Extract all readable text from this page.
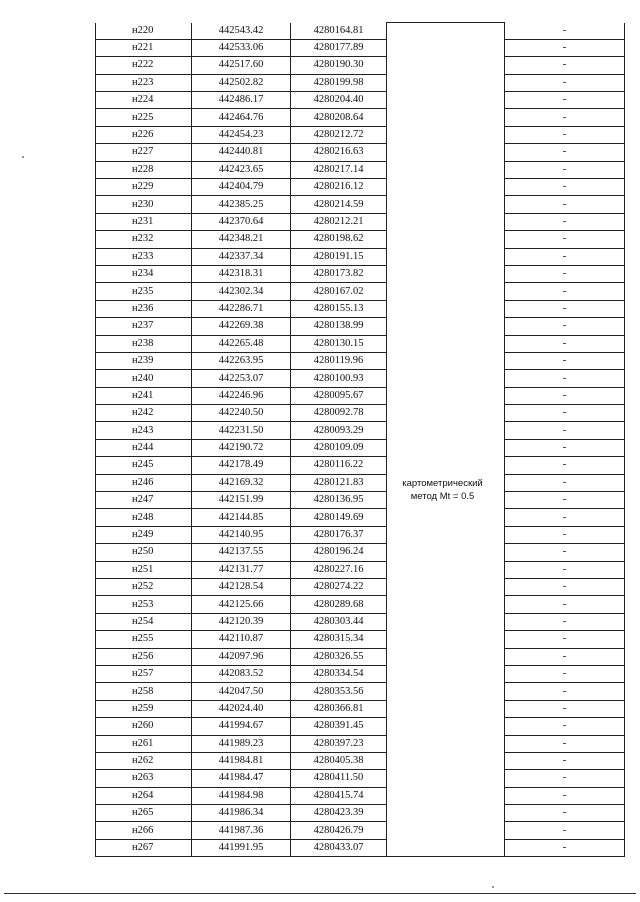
н220	442543.42	4280164.81		-
н221	442533.06	4280177.89		-
н222	442517.60	4280190.30		-
н223	442502.82	4280199.98		-
н224	442486.17	4280204.40		-
н225	442464.76	4280208.64		-
н226	442454.23	4280212.72		-
н227	442440.81	4280216.63		-
н228	442423.65	4280217.14		-
н229	442404.79	4280216.12		-
н230	442385.25	4280214.59		-
н231	442370.64	4280212.21		-
н232	442348.21	4280198.62		-
н233	442337.34	4280191.15		-
н234	442318.31	4280173.82		-
н235	442302.34	4280167.02		-
н236	442286.71	4280155.13		-
н237	442269.38	4280138.99		-
н238	442265.48	4280130.15		-
н239	442263.95	4280119.96		-
н240	442253.07	4280100.93		-
н241	442246.96	4280095.67		-
н242	442240.50	4280092.78		-
н243	442231.50	4280093.29		-
н244	442190.72	4280109.09		-
н245	442178.49	4280116.22		-
н246	442169.32	4280121.83		-
н247	442151.99	4280136.95		-
н248	442144.85	4280149.69		-
н249	442140.95	4280176.37		-
н250	442137.55	4280196.24		-
н251	442131.77	4280227.16		-
н252	442128.54	4280274.22		-
н253	442125.66	4280289.68		-
н254	442120.39	4280303.44		-
н255	442110.87	4280315.34		-
н256	442097.96	4280326.55		-
н257	442083.52	4280334.54		-
н258	442047.50	4280353.56		-
н259	442024.40	4280366.81		-
н260	441994.67	4280391.45		-
н261	441989.23	4280397.23		-
н262	441984.81	4280405.38		-
н263	441984.47	4280411.50		-
н264	441984.98	4280415.74		-
н265	441986.34	4280423.39		-
н266	441987.36	4280426.79		-
н267	441991.95	4280433.07		-
картометрический
метод Mt = 0.5
